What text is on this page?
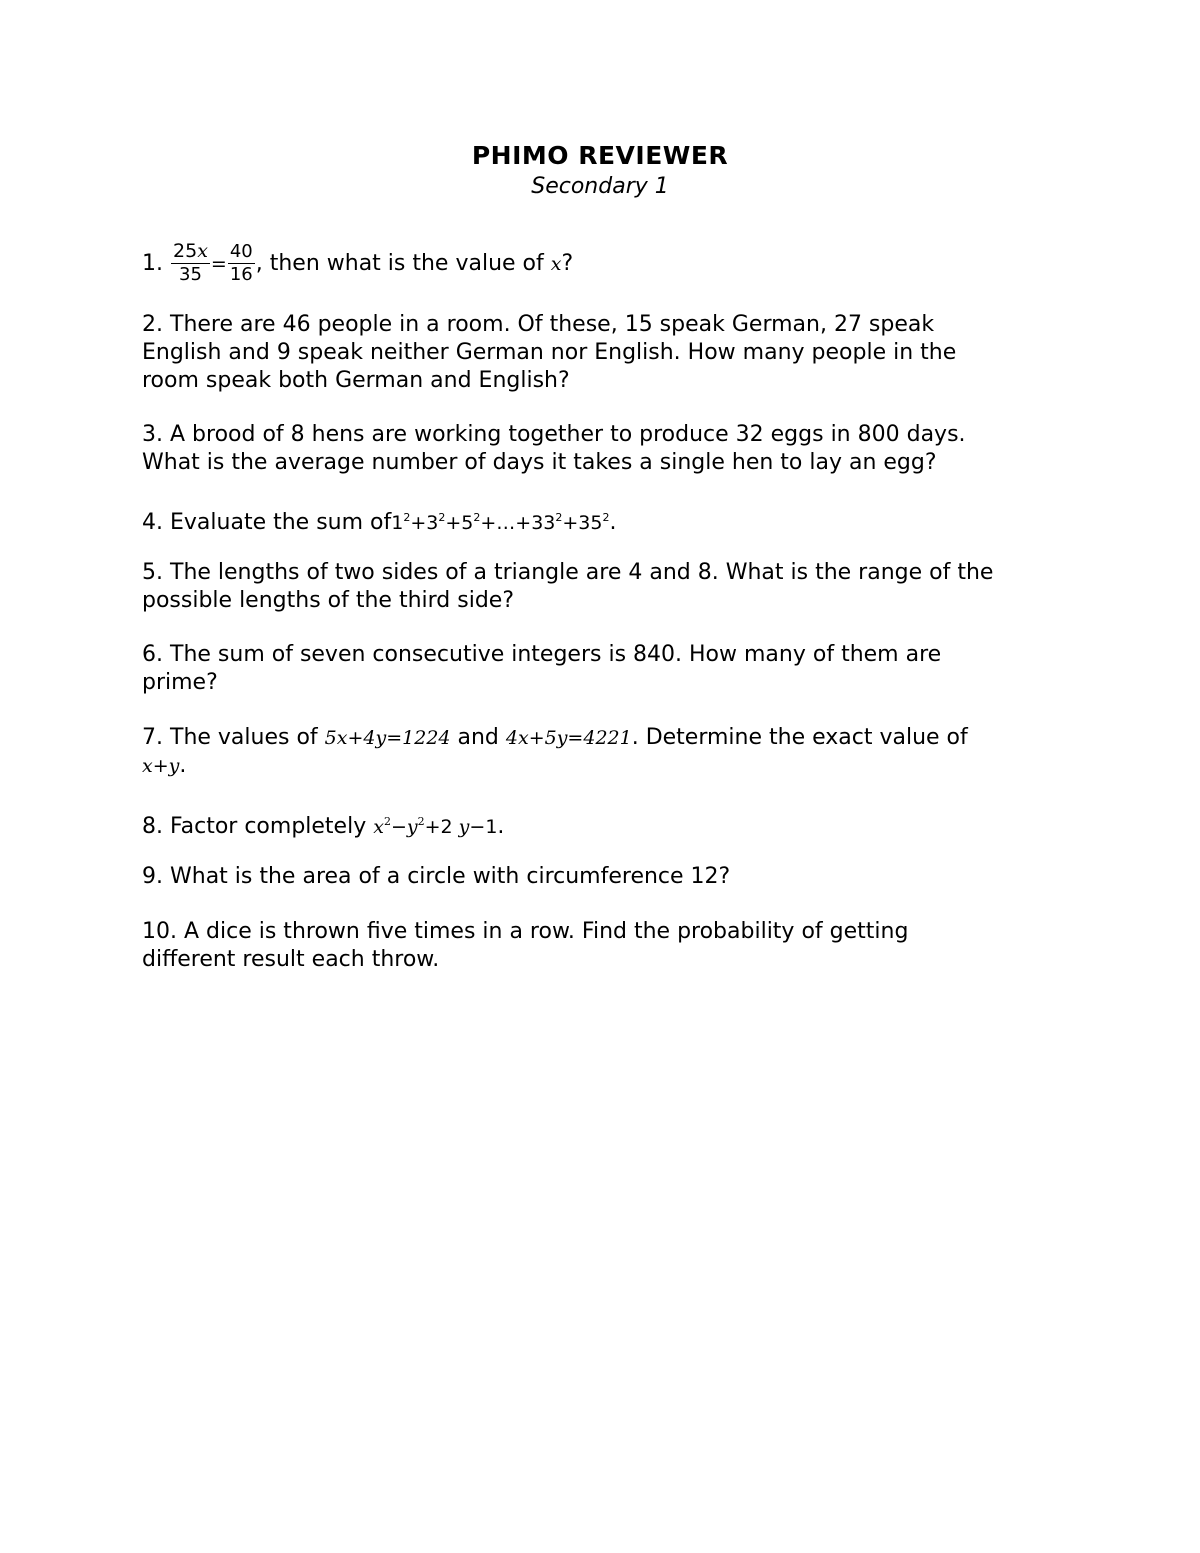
PHIMO REVIEWER
Secondary 1
1. $\frac{25x}{35} = \frac{40}{16}$ , then what is the value of x?
2. There are 46 people in a room. Of these, 15 speak German, 27 speak
English and 9 speak neither German nor English. How many people in the
room speak both German and English?
3. A brood of 8 hens are working together to produce 32 eggs in 800 days.
What is the average number of days it takes a single hen to lay an egg?
4. Evaluate the sum $of1^2+3^2+5^2+\dots+33^2+35^2$.
5. The lengths of two sides of a triangle are 4 and 8. What is the range of the
possible lengths of the third side?
6. The sum of seven consecutive integers is 840. How many of them are
prime?
7. The values of 5x+4y=1224 and 4x+5y=4221. Determine the exact value of
x+y.
8. Factor completely $x^2-y^2+2$ y−1.
9. What is the area of a circle with circumference 12?
10. A dice is thrown five times in a row. Find the probability of getting
different result each throw.
